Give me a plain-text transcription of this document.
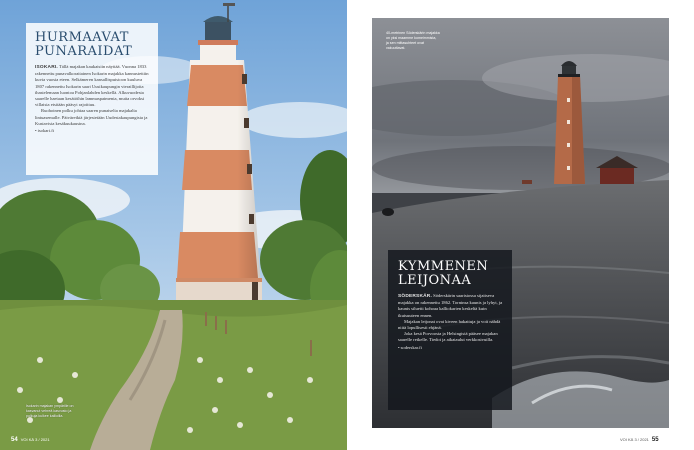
HURMAAVAT
PUNARAIDAT

ISOKARI. Tällä majakan kaukaisiin näyttää. Vuonna 1833 rakennettu punavalkoraitainen Isokarin majakka kannustettiin kuvia vuosia eteen. Selkämeren kansallispuistoon kuuluva 1807 rakennettu Isokarin saari Uusikaupungin vieraillijoita ihastelemaan luontoa Pohjanlahden keskellä. Alkuvuodesta saarelle haetaan kesätöihin lammaspaimenia, mutta orvoksi villaisia etsitään pääsyt rajoittuu.
Ruohoinen polku johtaa saaren punaiselta majakalta lintuasemalle. Päiväretkiä järjestetään Uudestakaupungista ja Kustavista kesäkuukausina.
•isokari.fi

Isokarin majakan ympärille on kasvanut vehreä kasvusto ja polkuja kulkee kallioilla.
54 VOI KÄ 3 / 2021
40-metrinen Söderskärin majakka on yksi maamme komeimmista, ja sen mittasuhteet ovat vakuuttavat.
KYMMENEN
LEIJONAA

SÖDERSKÄR. Söderskärin saaristossa sijaitseva majakka on rakennettu 1862. Torninsa kaunis ja lyhyt, ja kaunis siluetti kohoaa kalliokarien keskeltä kuin ikuisuuteen ennen.
Majakan leijonat ovat kiveen hakattuja ja voit nähdä niitä lopullisesti ehjänä.
Joka kesä Porvoosta ja Helsingistä pääsee majakan saarelle retkelle. Tiedot ja aikataulut verkkosivuilla.
•soderskar.fi

VOI KÄ 3 / 2021 55
